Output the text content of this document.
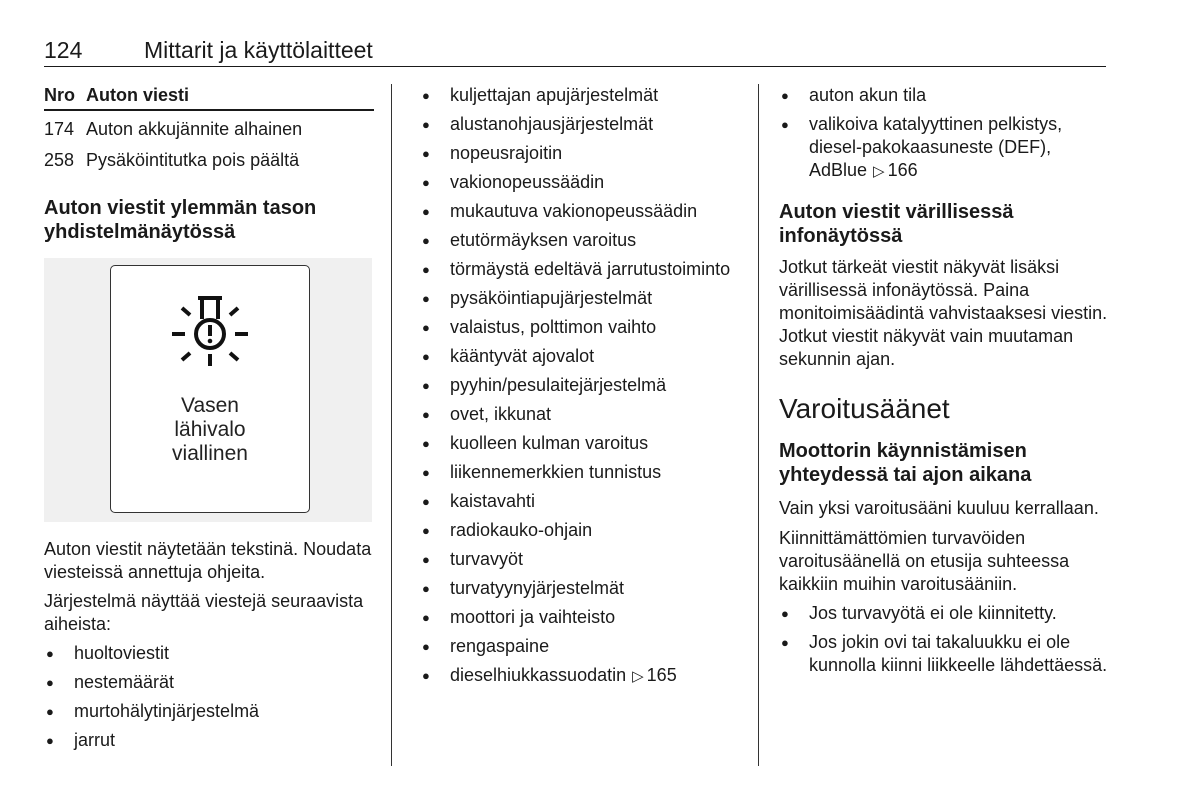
124	Mittarit ja käyttölaitteet
Nro Auton viesti
174 Auton akkujännite alhainen
258 Pysäköintitutka pois päältä
Auton viestit ylemmän tason yhdistelmänäytössä
Vasen
lähivalo
viallinen

Auton viestit näytetään tekstinä. Noudata viesteissä annettuja ohjeita.

Järjestelmä näyttää viestejä seuraavista aiheista:

● huoltoviestit
● nestemäärät
● murtohälytinjärjestelmä
● jarrut
● kuljettajan apujärjestelmät
● alustanohjausjärjestelmät
● nopeusrajoitin
● vakionopeussäädin
● mukautuva vakionopeussäädin
● etutörmäyksen varoitus
● törmäystä edeltävä jarrutustoiminto
● pysäköintiapujärjestelmät
● valaistus, polttimon vaihto
● kääntyvät ajovalot
● pyyhin/pesulaitejärjestelmä
● ovet, ikkunat
● kuolleen kulman varoitus
● liikennemerkkien tunnistus
● kaistavahti
● radiokauko-ohjain
● turvavyöt
● turvatyynyjärjestelmät
● moottori ja vaihteisto
● rengaspaine
● dieselhiukkassuodatin ▷ 165
● auton akun tila
● valikoiva katalyyttinen pelkistys, diesel-pakokaasuneste (DEF), AdBlue ▷ 166
Auton viestit värillisessä infonäytössä

Jotkut tärkeät viestit näkyvät lisäksi värillisessä infonäytössä. Paina monitoimisäädintä vahvistaaksesi viestin. Jotkut viestit näkyvät vain muutaman sekunnin ajan.

Varoitusäänet
Moottorin käynnistämisen yhteydessä tai ajon aikana

Vain yksi varoitusääni kuuluu kerrallaan.

Kiinnittämättömien turvavöiden varoitusäänellä on etusija suhteessa kaikkiin muihin varoitusääniin.

● Jos turvavyötä ei ole kiinnitetty.
● Jos jokin ovi tai takaluukku ei ole kunnolla kiinni liikkeelle lähdettäessä.
